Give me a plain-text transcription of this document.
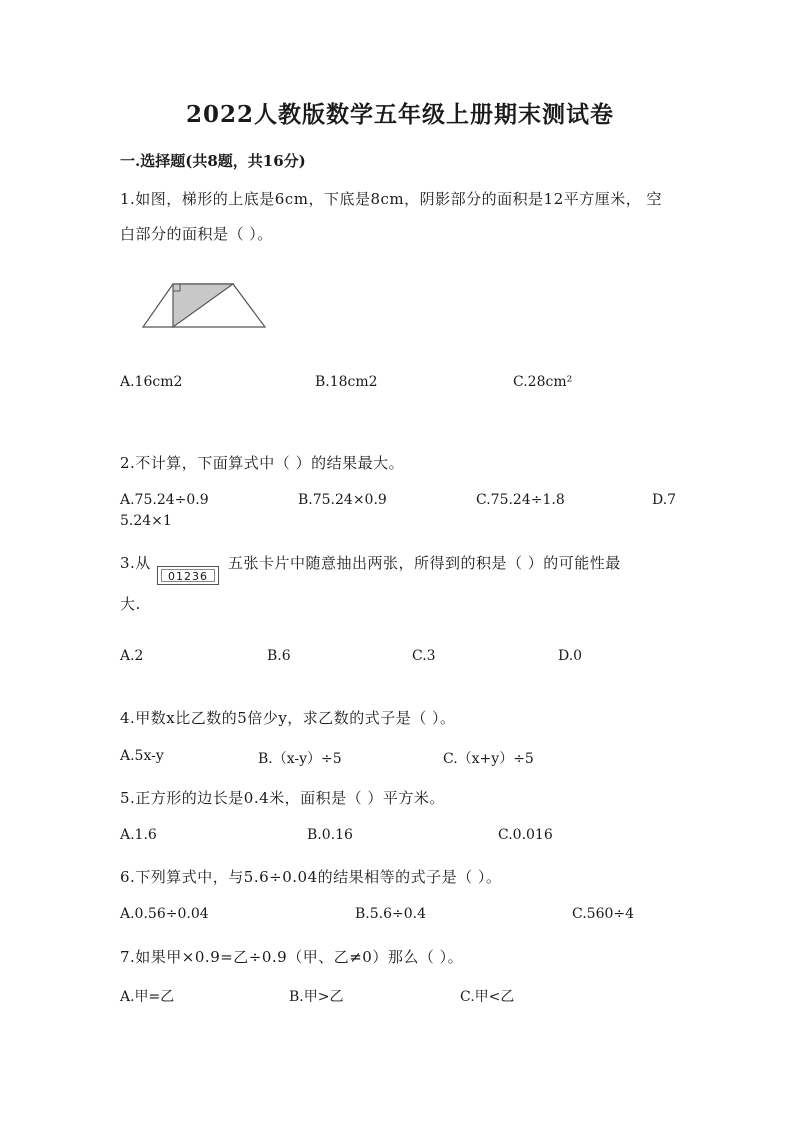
2022人教版数学五年级上册期末测试卷
一.选择题(共8题，共16分)
1.如图，梯形的上底是6cm，下底是8cm，阴影部分的面积是12平方厘米， 空
白部分的面积是（ ）。
A.16cm2	B.18cm2	C.28cm²
2.不计算，下面算式中（ ）的结果最大。
A.75.24÷0.9	B.75.24×0.9	C.75.24÷1.8	D.7
5.24×1
3.从
01236
五张卡片中随意抽出两张，所得到的积是（ ）的可能性最
大.
A.2	B.6	C.3	D.0
4.甲数x比乙数的5倍少y，求乙数的式子是（ ）。
A.5x-y	B.（x-y）÷5	C.（x+y）÷5
5.正方形的边长是0.4米，面积是（ ）平方米。
A.1.6	B.0.16	C.0.016
6.下列算式中，与5.6÷0.04的结果相等的式子是（ ）。
A.0.56÷0.04	B.5.6÷0.4	C.560÷4
7.如果甲×0.9=乙÷0.9（甲、乙≠0）那么（ ）。
A.甲=乙	B.甲>乙	C.甲<乙
